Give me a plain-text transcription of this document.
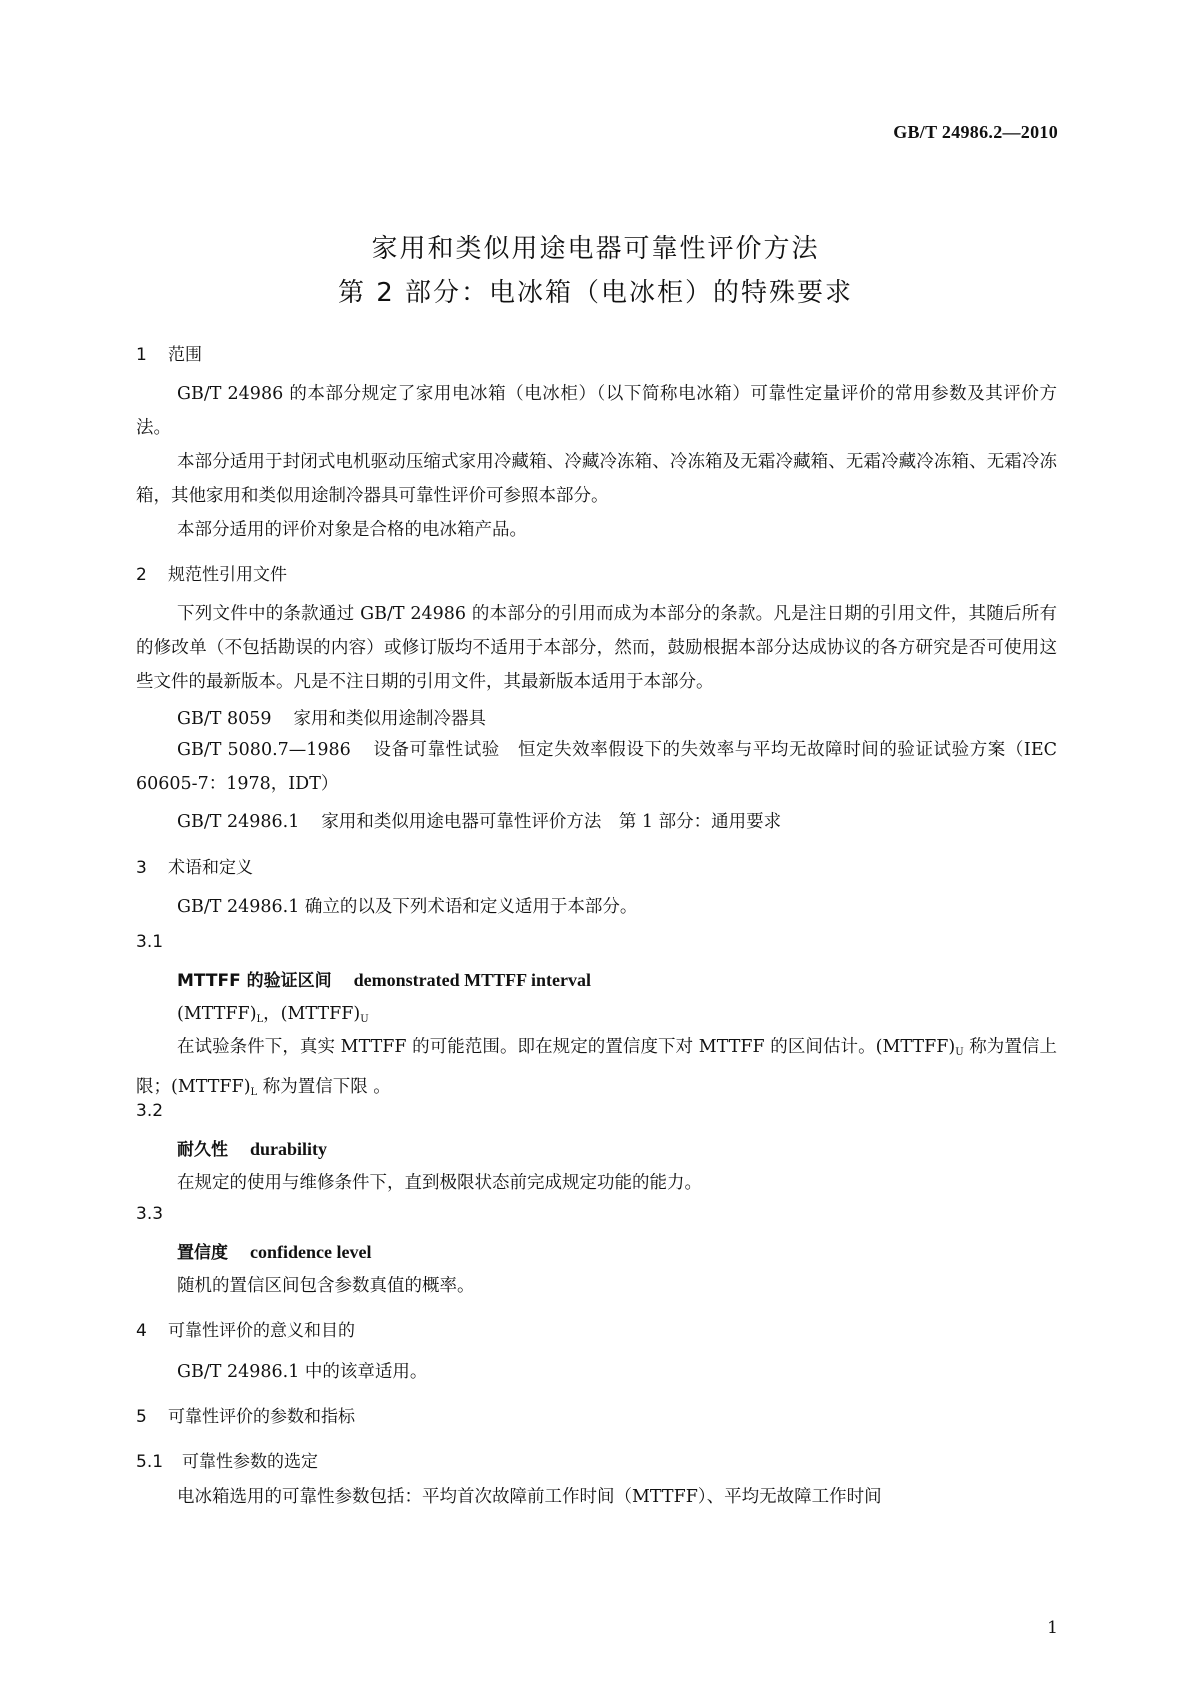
GB/T 24986.2—2010
家用和类似用途电器可靠性评价方法
第 2 部分：电冰箱（电冰柜）的特殊要求
1 范围
GB/T 24986 的本部分规定了家用电冰箱（电冰柜）（以下简称电冰箱）可靠性定量评价的常用参数及其评价方法。
本部分适用于封闭式电机驱动压缩式家用冷藏箱、冷藏冷冻箱、冷冻箱及无霜冷藏箱、无霜冷藏冷冻箱、无霜冷冻箱，其他家用和类似用途制冷器具可靠性评价可参照本部分。
本部分适用的评价对象是合格的电冰箱产品。
2 规范性引用文件
下列文件中的条款通过 GB/T 24986 的本部分的引用而成为本部分的条款。凡是注日期的引用文件，其随后所有的修改单（不包括勘误的内容）或修订版均不适用于本部分，然而，鼓励根据本部分达成协议的各方研究是否可使用这些文件的最新版本。凡是不注日期的引用文件，其最新版本适用于本部分。
GB/T 8059 家用和类似用途制冷器具
GB/T 5080.7—1986 设备可靠性试验　恒定失效率假设下的失效率与平均无故障时间的验证试验方案（IEC 60605-7：1978，IDT）
GB/T 24986.1 家用和类似用途电器可靠性评价方法　第 1 部分：通用要求
3 术语和定义
GB/T 24986.1 确立的以及下列术语和定义适用于本部分。
3.1
MTTFF 的验证区间 demonstrated MTTFF interval
$(MTTFF)_L$，$(MTTFF)_U$
在试验条件下，真实 MTTFF 的可能范围。即在规定的置信度下对 MTTFF 的区间估计。$(MTTFF)_U$ 称为置信上限；$(MTTFF)_L$ 称为置信下限 。
3.2
耐久性 durability
在规定的使用与维修条件下，直到极限状态前完成规定功能的能力。
3.3
置信度 confidence level
随机的置信区间包含参数真值的概率。
4 可靠性评价的意义和目的
GB/T 24986.1 中的该章适用。
5 可靠性评价的参数和指标
5.1 可靠性参数的选定
电冰箱选用的可靠性参数包括：平均首次故障前工作时间（MTTFF）、平均无故障工作时间
1
